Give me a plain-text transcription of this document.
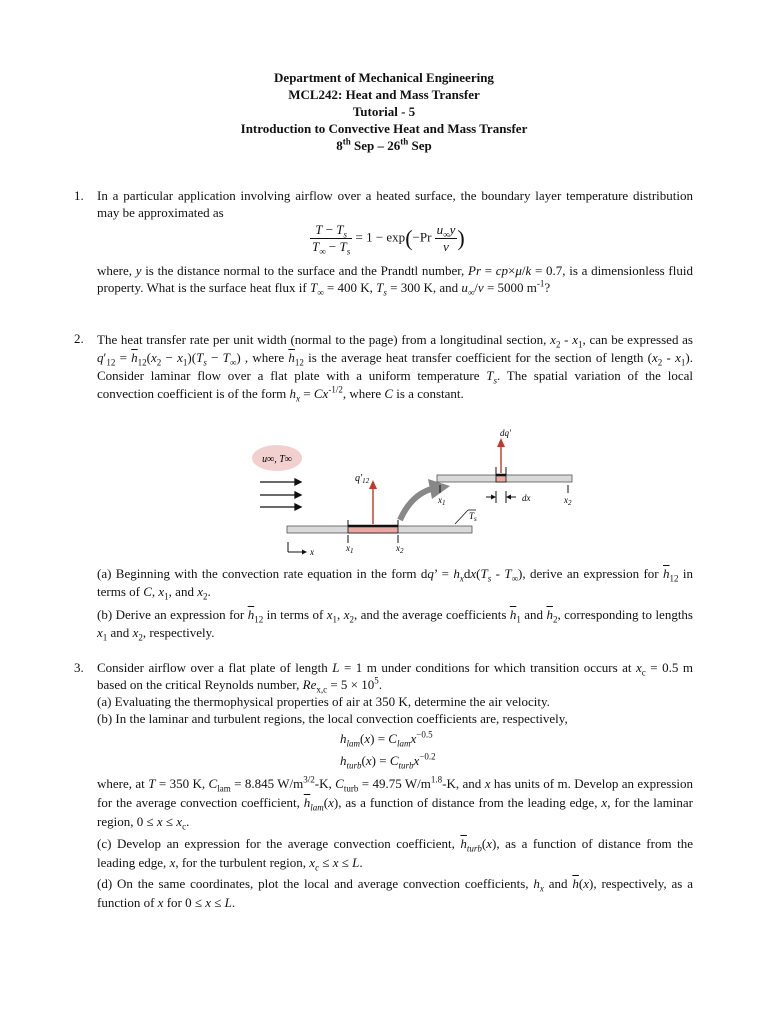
Department of Mechanical Engineering
MCL242: Heat and Mass Transfer
Tutorial - 5
Introduction to Convective Heat and Mass Transfer
8th Sep – 26th Sep
1. In a particular application involving airflow over a heated surface, the boundary layer temperature distribution may be approximated as
$\frac{T - T_s}{T_\infty - T_s} = 1 - \exp(-Pr \frac{u_\infty y}{\nu}$ )
where, y is the distance normal to the surface and the Prandtl number, Pr = cp×μ/k = 0.7, is a dimensionless fluid property. What is the surface heat flux if $T_\infty = 400$ K, $T_s = 300$ K, and $u_\infty/\nu = 5000$ $m^{-1}$?
2. The heat transfer rate per unit width (normal to the page) from a longitudinal section, $x_2 - x_1$, can be expressed as $q'_{12} = \overline{h}_{12}(x_2 - x_1)(T_s - T_\infty)$ , where $\overline{h}_{12}$ is the average heat transfer coefficient for the section of length $(x_2 - x_1)$. Consider laminar flow over a flat plate with a uniform temperature $T_s$. The spatial variation of the local convection coefficient is of the form $h_x = Cx^{-1/2}$, where C is a constant.
u∞, T∞
$x_1$	$x_2$
$q'_{12}$
x
$x_1$	$x_2$
dq'
dx
$T_s$
(a) Beginning with the convection rate equation in the form dq’ = $h_xdx(T_s - T_\infty)$, derive an expression for $\overline{h}_{12}$ in terms of C, $x_1$, and $x_2$.
(b) Derive an expression for $\overline{h}_{12}$ in terms of $x_1$, $x_2$, and the average coefficients $\overline{h}_1$ and $\overline{h}_2$, corresponding to lengths $x_1$ and $x_2$, respectively.
3. Consider airflow over a flat plate of length L = 1 m under conditions for which transition occurs at $x_c = 0.5$ m based on the critical Reynolds number, $Re_{x,c} = 5 \times 10^5$.
(a) Evaluating the thermophysical properties of air at 350 K, determine the air velocity.
(b) In the laminar and turbulent regions, the local convection coefficients are, respectively,
$h_{lam}(x) = C_{lam}x^{-0.5}$
$h_{turb}(x) = C_{turb}x^{-0.2}$
where, at T = 350 K, $C_{lam} = 8.845$ $W/m^{3/2}-K$, $C_{turb} = 49.75$ $W/m^{1.8}-K$, and x has units of m. Develop an expression for the average convection coefficient, $\overline{h}_{lam}(x)$, as a function of distance from the leading edge, x, for the laminar region, $0 \le x \le x_c$.
(c) Develop an expression for the average convection coefficient, $\overline{h}_{turb}(x)$, as a function of distance from the leading edge, x, for the turbulent region, $x_c \le x \le L$.
(d) On the same coordinates, plot the local and average convection coefficients, $h_x$ and $\overline{h}(x)$, respectively, as a function of x for 0 ≤ x ≤ L.
